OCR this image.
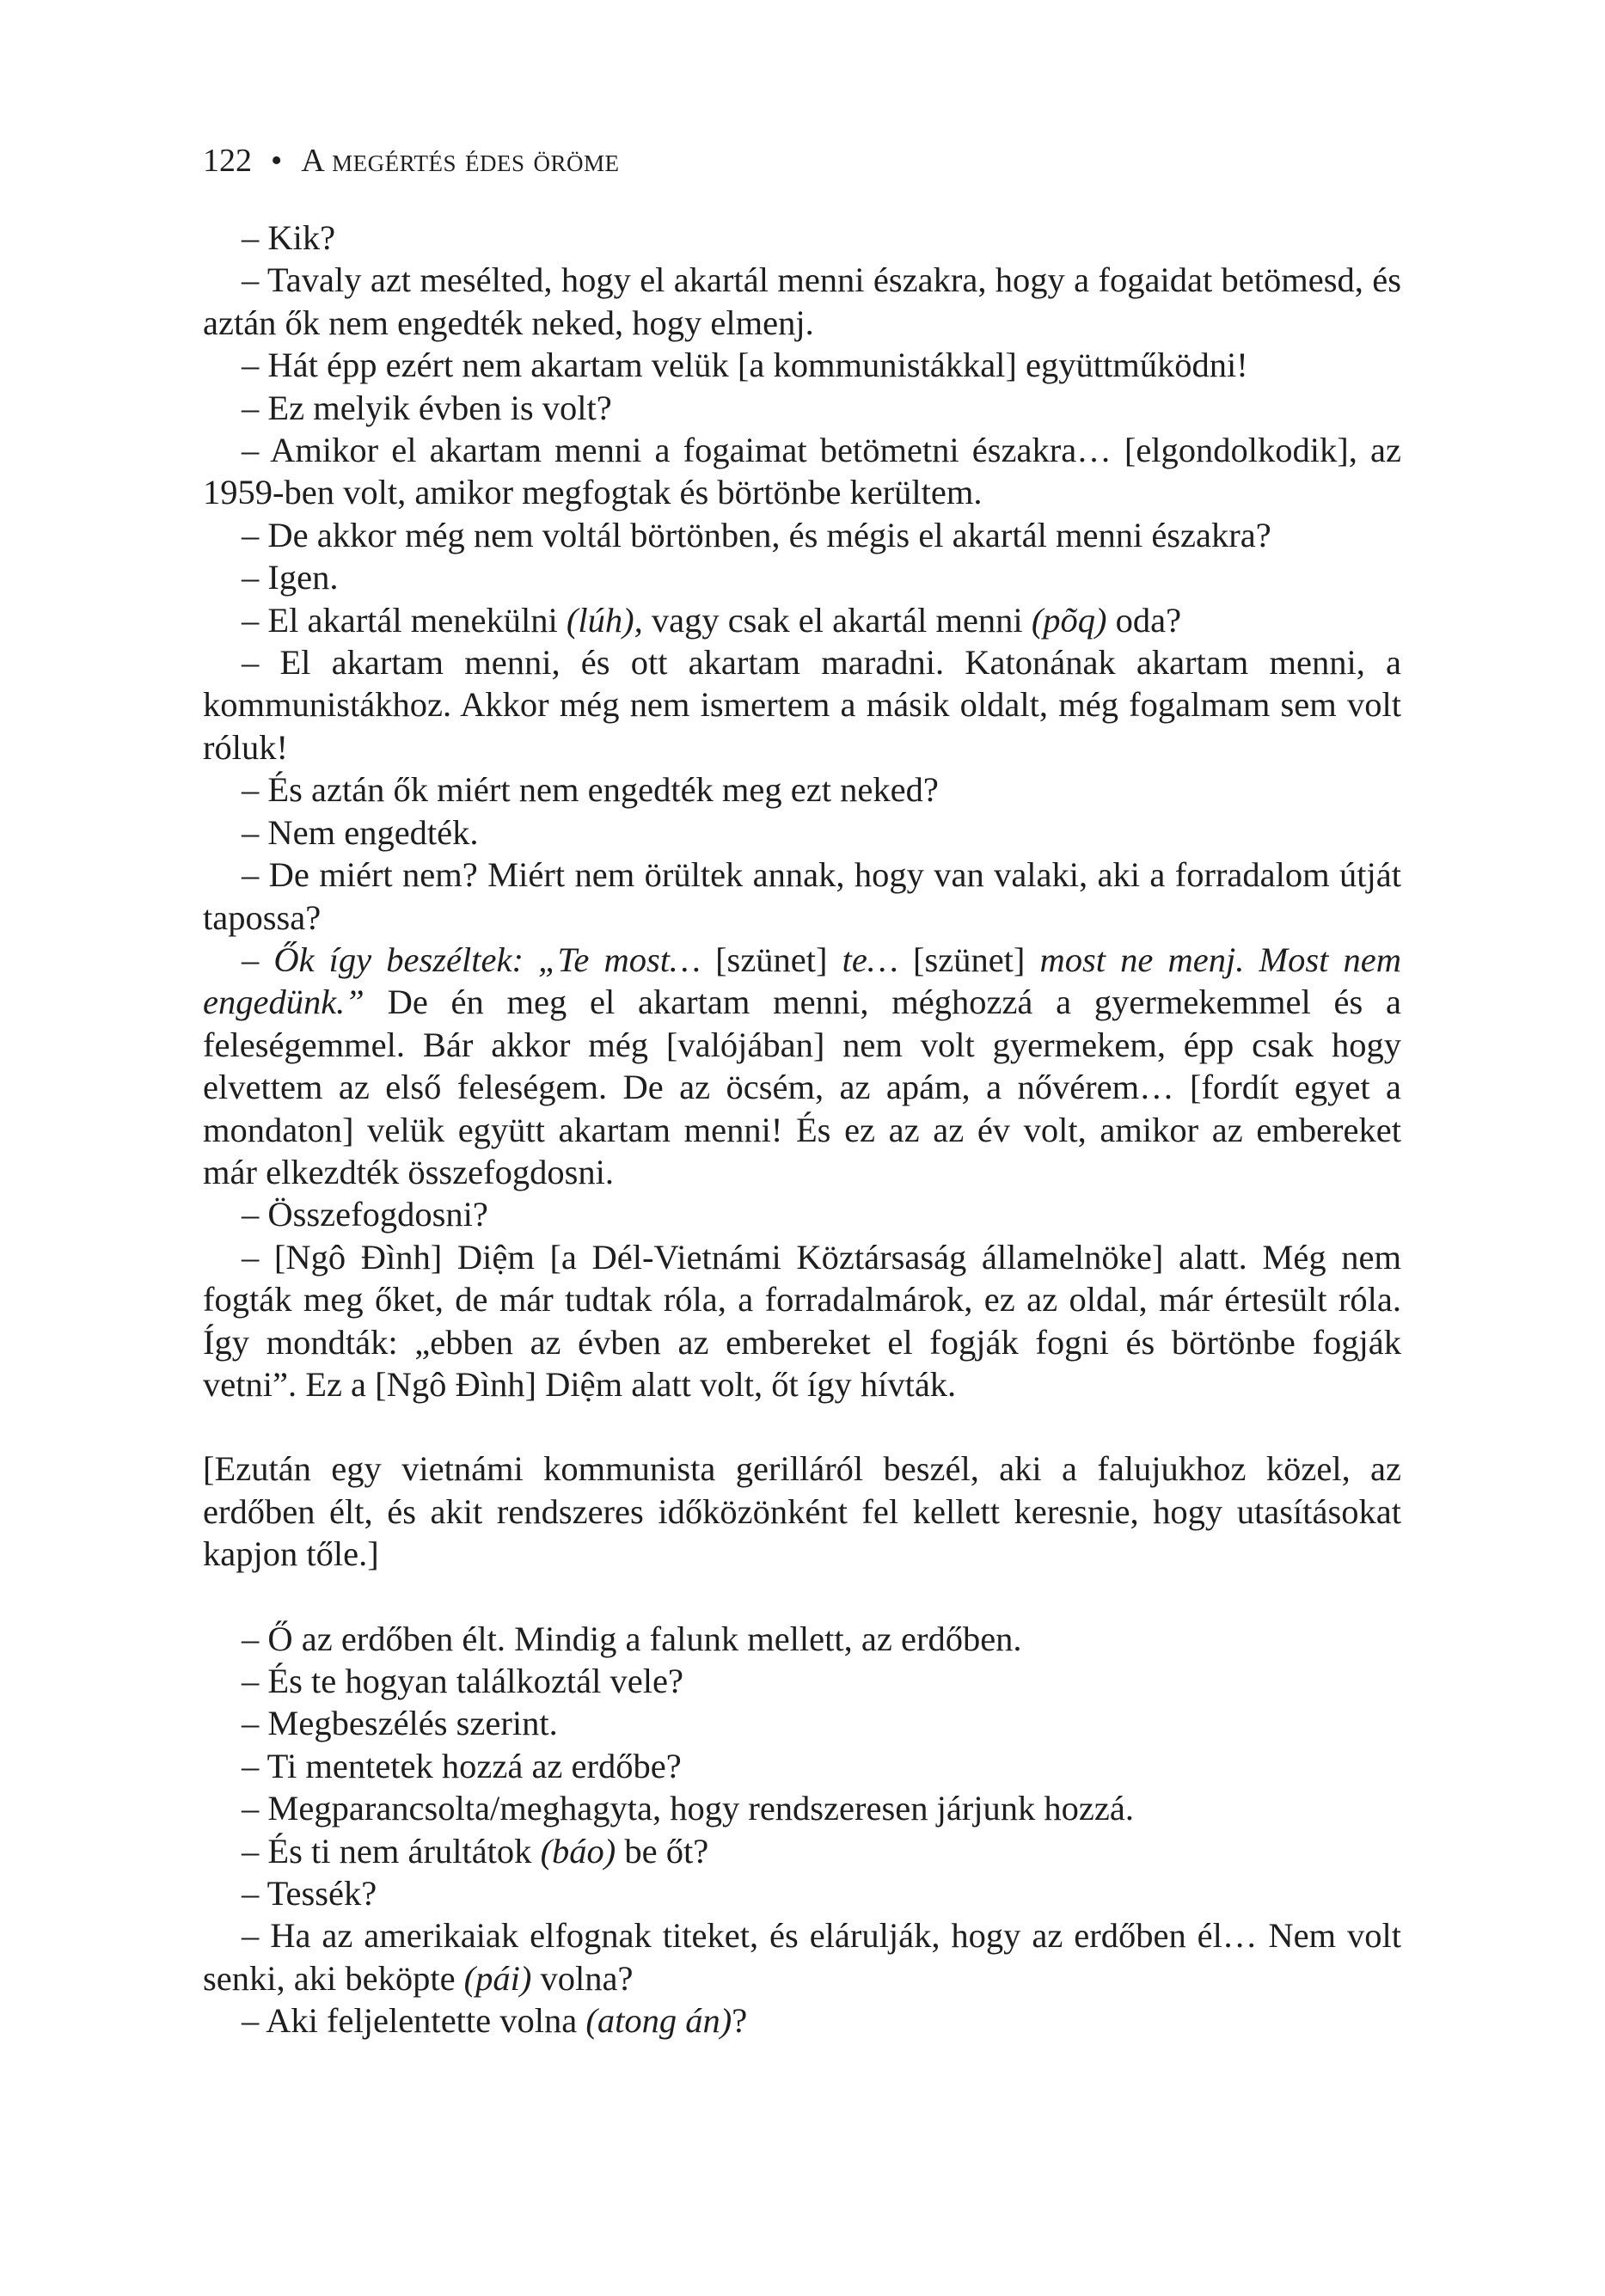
122 • A megértés édes öröme

– Kik?

– Tavaly azt mesélted, hogy el akartál menni északra, hogy a fogaidat betömesd, és aztán ők nem engedték neked, hogy elmenj.

– Hát épp ezért nem akartam velük [a kommunistákkal] együttműködni!

– Ez melyik évben is volt?

– Amikor el akartam menni a fogaimat betömetni északra… [elgondolkodik], az 1959-ben volt, amikor megfogtak és börtönbe kerültem.

– De akkor még nem voltál börtönben, és mégis el akartál menni északra?

– Igen.

– El akartál menekülni (lúh), vagy csak el akartál menni (põq) oda?

– El akartam menni, és ott akartam maradni. Katonának akartam menni, a kommunistákhoz. Akkor még nem ismertem a másik oldalt, még fogalmam sem volt róluk!

– És aztán ők miért nem engedték meg ezt neked?

– Nem engedték.

– De miért nem? Miért nem örültek annak, hogy van valaki, aki a forradalom útját tapossa?

– Ők így beszéltek: „Te most… [szünet] te… [szünet] most ne menj. Most nem engedünk.” De én meg el akartam menni, méghozzá a gyermekemmel és a feleségemmel. Bár akkor még [valójában] nem volt gyermekem, épp csak hogy elvettem az első feleségem. De az öcsém, az apám, a nővérem… [fordít egyet a mondaton] velük együtt akartam menni! És ez az az év volt, amikor az embereket már elkezdték összefogdosni.

– Összefogdosni?

– [Ngô Đình] Diệm [a Dél-Vietnámi Köztársaság államelnöke] alatt. Még nem fogták meg őket, de már tudtak róla, a forradalmárok, ez az oldal, már értesült róla. Így mondták: „ebben az évben az embereket el fogják fogni és börtönbe fogják vetni”. Ez a [Ngô Đình] Diệm alatt volt, őt így hívták.

[Ezután egy vietnámi kommunista gerilláról beszél, aki a falujukhoz közel, az erdőben élt, és akit rendszeres időközönként fel kellett keresnie, hogy utasításokat kapjon tőle.]

– Ő az erdőben élt. Mindig a falunk mellett, az erdőben.

– És te hogyan találkoztál vele?

– Megbeszélés szerint.

– Ti mentetek hozzá az erdőbe?

– Megparancsolta/meghagyta, hogy rendszeresen járjunk hozzá.

– És ti nem árultátok (báo) be őt?

– Tessék?

– Ha az amerikaiak elfognak titeket, és elárulják, hogy az erdőben él… Nem volt senki, aki beköpte (pái) volna?

– Aki feljelentette volna (atong án)?
